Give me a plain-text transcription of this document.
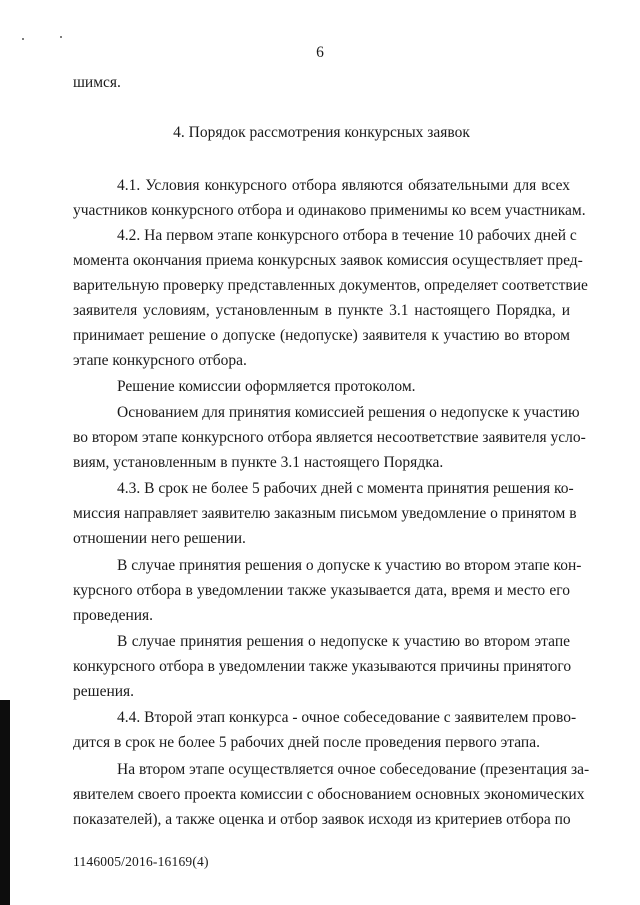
6
шимся.
4. Порядок рассмотрения конкурсных заявок
4.1. Условия конкурсного отбора являются обязательными для всех
участников конкурсного отбора и одинаково применимы ко всем участникам.
4.2. На первом этапе конкурсного отбора в течение 10 рабочих дней с
момента окончания приема конкурсных заявок комиссия осуществляет пред-
варительную проверку представленных документов, определяет соответствие
заявителя условиям, установленным в пункте 3.1 настоящего Порядка, и
принимает решение о допуске (недопуске) заявителя к участию во втором
этапе конкурсного отбора.
Решение комиссии оформляется протоколом.
Основанием для принятия комиссией решения о недопуске к участию
во втором этапе конкурсного отбора является несоответствие заявителя усло-
виям, установленным в пункте 3.1 настоящего Порядка.
4.3. В срок не более 5 рабочих дней с момента принятия решения ко-
миссия направляет заявителю заказным письмом уведомление о принятом в
отношении него решении.
В случае принятия решения о допуске к участию во втором этапе кон-
курсного отбора в уведомлении также указывается дата, время и место его
проведения.
В случае принятия решения о недопуске к участию во втором этапе
конкурсного отбора в уведомлении также указываются причины принятого
решения.
4.4. Второй этап конкурса - очное собеседование с заявителем прово-
дится в срок не более 5 рабочих дней после проведения первого этапа.
На втором этапе осуществляется очное собеседование (презентация за-
явителем своего проекта комиссии с обоснованием основных экономических
показателей), а также оценка и отбор заявок исходя из критериев отбора по
1146005/2016-16169(4)
